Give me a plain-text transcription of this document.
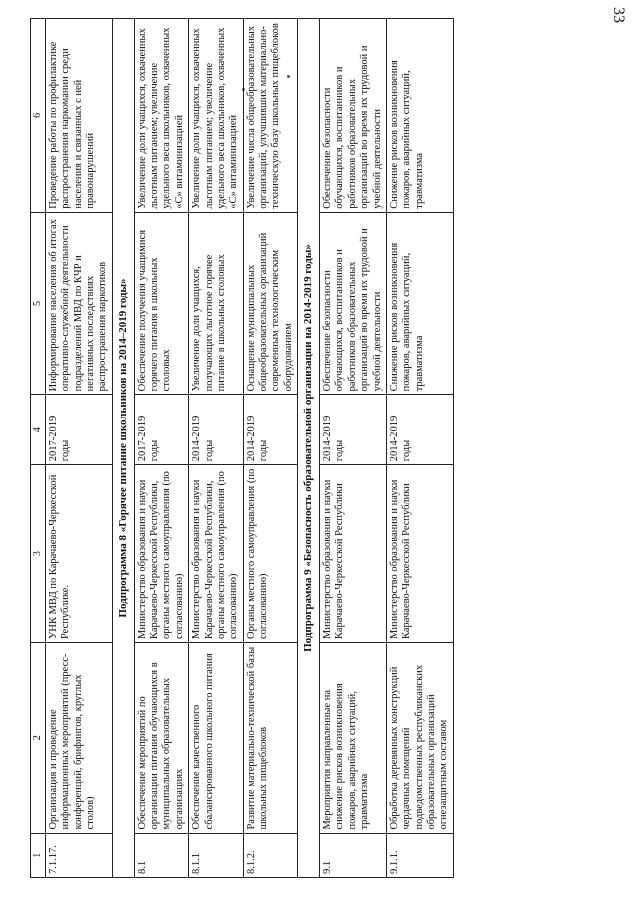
33
1	2	3	4	5	6
7.1.17.	Организация и проведение информационных мероприятий (пресс-конференций, брифингов, круглых столов)	УНК МВД по Карачаево-Черкесской Республике.	2017-2019 годы	Информирование населения об итогах оперативно-служебной деятельности подразделений МВД по КЧР и негативных последствиях распространения наркотиков	Проведение работы по профилактике распространения наркомании среди населения и связанных с ней правонарушений
Подпрограмма 8 «Горячее питание школьников на 2014–2019 годы»					
8.1	Обеспечение мероприятий по организации питания обучающихся в муниципальных образовательных организациях	Министерство образования и науки Карачаево-Черкесской Республики, органы местного самоуправления (по согласованию)	2017-2019 годы	Обеспечение получения учащимися горячего питания в школьных столовых	Увеличение доли учащихся, охваченных льготным питанием; увеличение удельного веса школьников, охваченных «С» витаминизацией
8.1.1	Обеспечение качественного сбалансированного школьного питания	Министерство образования и науки Карачаево-Черкесской Республики, органы местного самоуправления (по согласованию)	2014-2019 годы	Увеличение доли учащихся, получающих льготное горячее питание в школьных столовых	Увеличение доли учащихся, охваченных льготным питанием; увеличение удельного веса школьников, охваченных «С» витаминизацией
8.1.2.	Развитие материально-технической базы школьных пищеблоков	Органы местного самоуправления (по согласованию)	2014-2019 годы	Оснащение муниципальных общеобразовательных организаций современным технологическим оборудованием	Увеличение числа общеобразовательных организаций, улучшивших материально-техническую базу школьных пищеблоков
Подпрограмма 9 «Безопасность образовательной организации на 2014-2019 годы»					
9.1	Мероприятия направленные на снижение рисков возникновения пожаров, аварийных ситуаций, травматизма	Министерство образования и науки Карачаево-Черкесской Республики	2014-2019 годы	Обеспечение безопасности обучающихся, воспитанников и работников образовательных организаций во время их трудовой и учебной деятельности	Обеспечение безопасности обучающихся, воспитанников и работников образовательных организаций во время их трудовой и учебной деятельности
9.1.1.	Обработка деревянных конструкций чердачных помещений подведомственных республиканских образовательных организаций огнезащитным составом	Министерство образования и науки Карачаево-Черкесской Республики	2014-2019 годы	Снижение рисков возникновения пожаров, аварийных ситуаций, травматизма	Снижение рисков возникновения пожаров, аварийных ситуаций, травматизма
